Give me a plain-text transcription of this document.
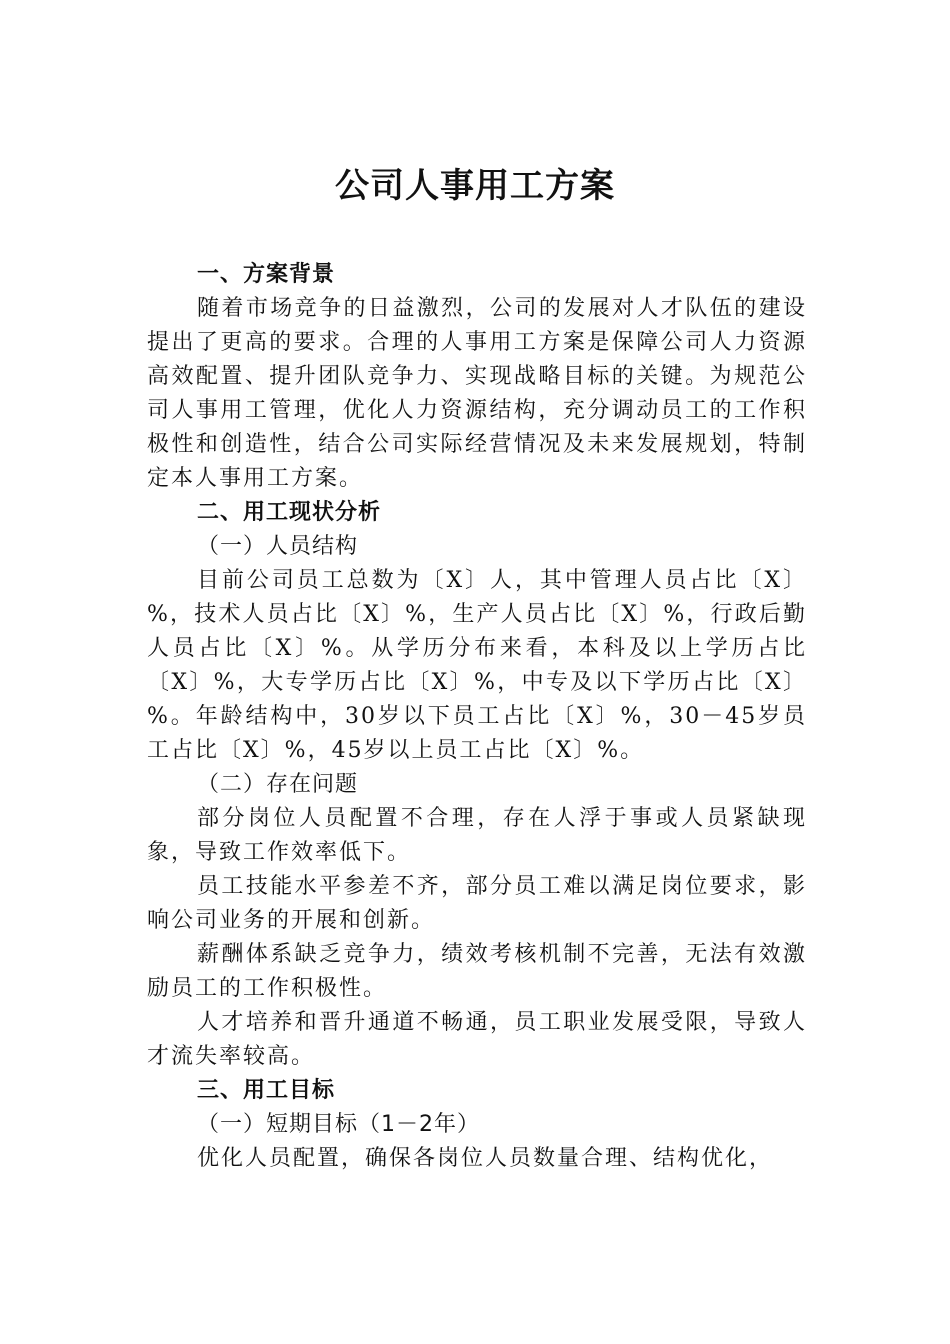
公司人事用工方案

一、方案背景

随着市场竞争的日益激烈，公司的发展对人才队伍的建设提出了更高的要求。合理的人事用工方案是保障公司人力资源高效配置、提升团队竞争力、实现战略目标的关键。为规范公司人事用工管理，优化人力资源结构，充分调动员工的工作积极性和创造性，结合公司实际经营情况及未来发展规划，特制定本人事用工方案。

二、用工现状分析

（一）人员结构

目前公司员工总数为〔X〕人，其中管理人员占比〔X〕%，技术人员占比〔X〕%，生产人员占比〔X〕%，行政后勤人员占比〔X〕%。从学历分布来看，本科及以上学历占比〔X〕%，大专学历占比〔X〕%，中专及以下学历占比〔X〕%。年龄结构中，30岁以下员工占比〔X〕%，30－45岁员工占比〔X〕%，45岁以上员工占比〔X〕%。

（二）存在问题

部分岗位人员配置不合理，存在人浮于事或人员紧缺现象，导致工作效率低下。

员工技能水平参差不齐，部分员工难以满足岗位要求，影响公司业务的开展和创新。

薪酬体系缺乏竞争力，绩效考核机制不完善，无法有效激励员工的工作积极性。

人才培养和晋升通道不畅通，员工职业发展受限，导致人才流失率较高。

三、用工目标

（一）短期目标（1－2年）

优化人员配置，确保各岗位人员数量合理、结构优化，
